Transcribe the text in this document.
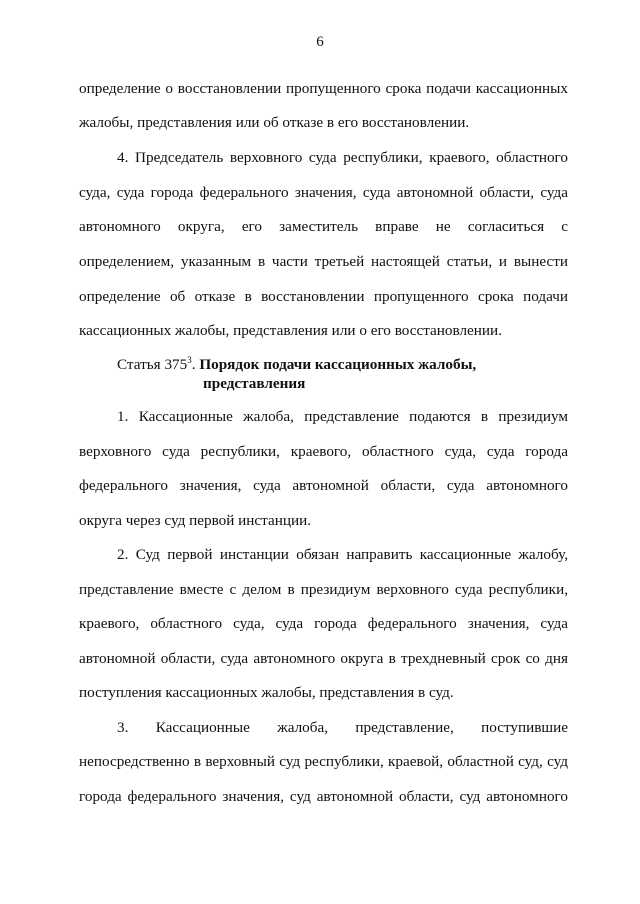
6

определение о восстановлении пропущенного срока подачи кассационных

жалобы, представления или об отказе в его восстановлении.

4. Председатель верховного суда республики, краевого, областного

суда, суда города федерального значения, суда автономной области, суда

автономного округа, его заместитель вправе не согласиться с

определением, указанным в части третьей настоящей статьи, и вынести

определение об отказе в восстановлении пропущенного срока подачи

кассационных жалобы, представления или о его восстановлении.

Статья $375^3$. Порядок подачи кассационных жалобы,
представления

1. Кассационные жалоба, представление подаются в президиум

верховного суда республики, краевого, областного суда, суда города

федерального значения, суда автономной области, суда автономного

округа через суд первой инстанции.

2. Суд первой инстанции обязан направить кассационные жалобу,

представление вместе с делом в президиум верховного суда республики,

краевого, областного суда, суда города федерального значения, суда

автономной области, суда автономного округа в трехдневный срок со дня

поступления кассационных жалобы, представления в суд.

3. Кассационные жалоба, представление, поступившие

непосредственно в верховный суд республики, краевой, областной суд, суд

города федерального значения, суд автономной области, суд автономного
